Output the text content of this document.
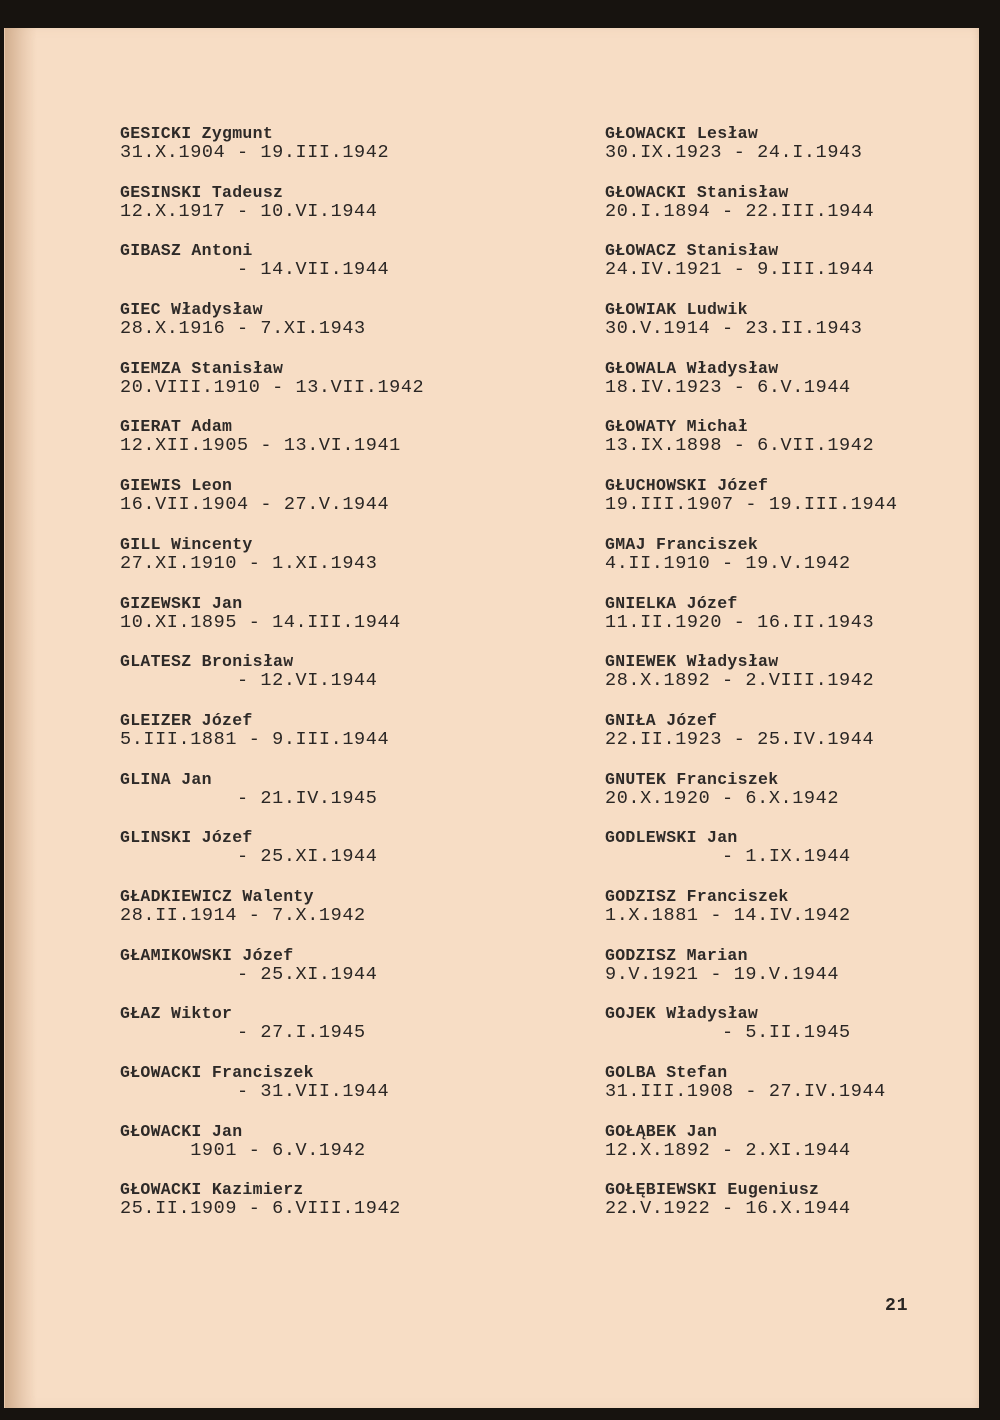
GESICKI Zygmunt
31.X.1904 - 19.III.1942
GESINSKI Tadeusz
12.X.1917 - 10.VI.1944
GIBASZ Antoni
- 14.VII.1944
GIEC Władysław
28.X.1916 - 7.XI.1943
GIEMZA Stanisław
20.VIII.1910 - 13.VII.1942
GIERAT Adam
12.XII.1905 - 13.VI.1941
GIEWIS Leon
16.VII.1904 - 27.V.1944
GILL Wincenty
27.XI.1910 - 1.XI.1943
GIZEWSKI Jan
10.XI.1895 - 14.III.1944
GLATESZ Bronisław
- 12.VI.1944
GLEIZER Józef
5.III.1881 - 9.III.1944
GLINA Jan
- 21.IV.1945
GLINSKI Józef
- 25.XI.1944
GŁADKIEWICZ Walenty
28.II.1914 - 7.X.1942
GŁAMIKOWSKI Józef
- 25.XI.1944
GŁAZ Wiktor
- 27.I.1945
GŁOWACKI Franciszek
- 31.VII.1944
GŁOWACKI Jan
1901 - 6.V.1942
GŁOWACKI Kazimierz
25.II.1909 - 6.VIII.1942
GŁOWACKI Lesław
30.IX.1923 - 24.I.1943
GŁOWACKI Stanisław
20.I.1894 - 22.III.1944
GŁOWACZ Stanisław
24.IV.1921 - 9.III.1944
GŁOWIAK Ludwik
30.V.1914 - 23.II.1943
GŁOWALA Władysław
18.IV.1923 - 6.V.1944
GŁOWATY Michał
13.IX.1898 - 6.VII.1942
GŁUCHOWSKI Józef
19.III.1907 - 19.III.1944
GMAJ Franciszek
4.II.1910 - 19.V.1942
GNIELKA Józef
11.II.1920 - 16.II.1943
GNIEWEK Władysław
28.X.1892 - 2.VIII.1942
GNIŁA Józef
22.II.1923 - 25.IV.1944
GNUTEK Franciszek
20.X.1920 - 6.X.1942
GODLEWSKI Jan
- 1.IX.1944
GODZISZ Franciszek
1.X.1881 - 14.IV.1942
GODZISZ Marian
9.V.1921 - 19.V.1944
GOJEK Władysław
- 5.II.1945
GOLBA Stefan
31.III.1908 - 27.IV.1944
GOŁĄBEK Jan
12.X.1892 - 2.XI.1944
GOŁĘBIEWSKI Eugeniusz
22.V.1922 - 16.X.1944
21
